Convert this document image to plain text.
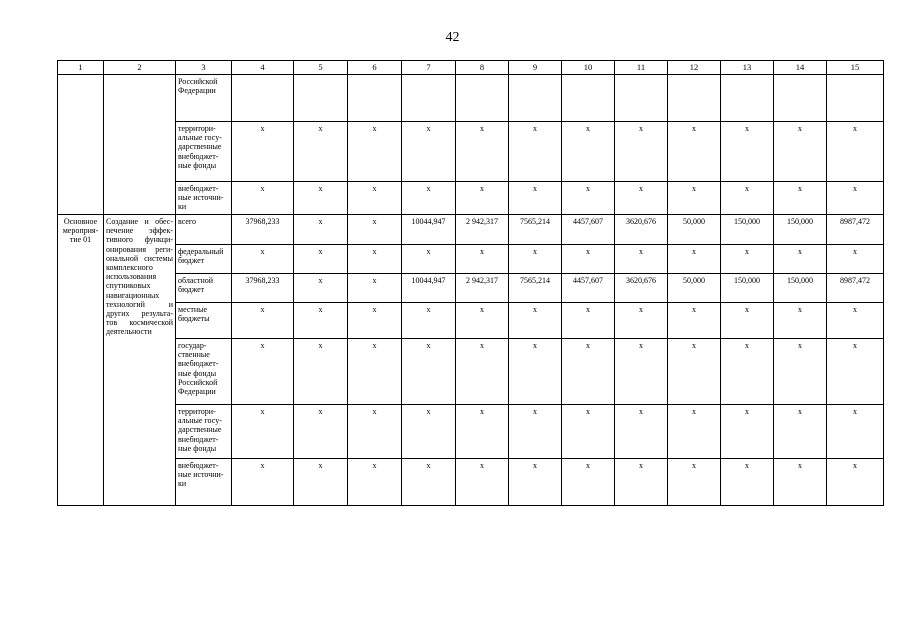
42
1	2	3	4	5	6	7	8	9	10	11	12	13	14	15
		Российской Федерации												
		территори-альные госу-дарственные внебюджет-ные фонды	x	x	x	x	x	x	x	x	x	x	x	x
		внебюджет-ные источни-ки	x	x	x	x	x	x	x	x	x	x	x	x
Основное мероприя-тие 01	Создание и обес-печение эффек-тивного функци-онирования реги-ональной системы комплексного использования спутниковых навигационных технологий и других результа-тов космической деятельности	всего	37968,233	x	x	10044,947	2 942,317	7565,214	4457,607	3620,676	50,000	150,000	150,000	8987,472
		федеральный бюджет	x	x	x	x	x	x	x	x	x	x	x	x
		областной бюджет	37968,233	x	x	10044,947	2 942,317	7565,214	4457,607	3620,676	50,000	150,000	150,000	8987,472
		местные бюджеты	x	x	x	x	x	x	x	x	x	x	x	x
		государ-ственные внебюджет-ные фонды Российской Федерации	x	x	x	x	x	x	x	x	x	x	x	x
		территори-альные госу-дарственные внебюджет-ные фонды	x	x	x	x	x	x	x	x	x	x	x	x
		внебюджет-ные источни-ки	x	x	x	x	x	x	x	x	x	x	x	x
